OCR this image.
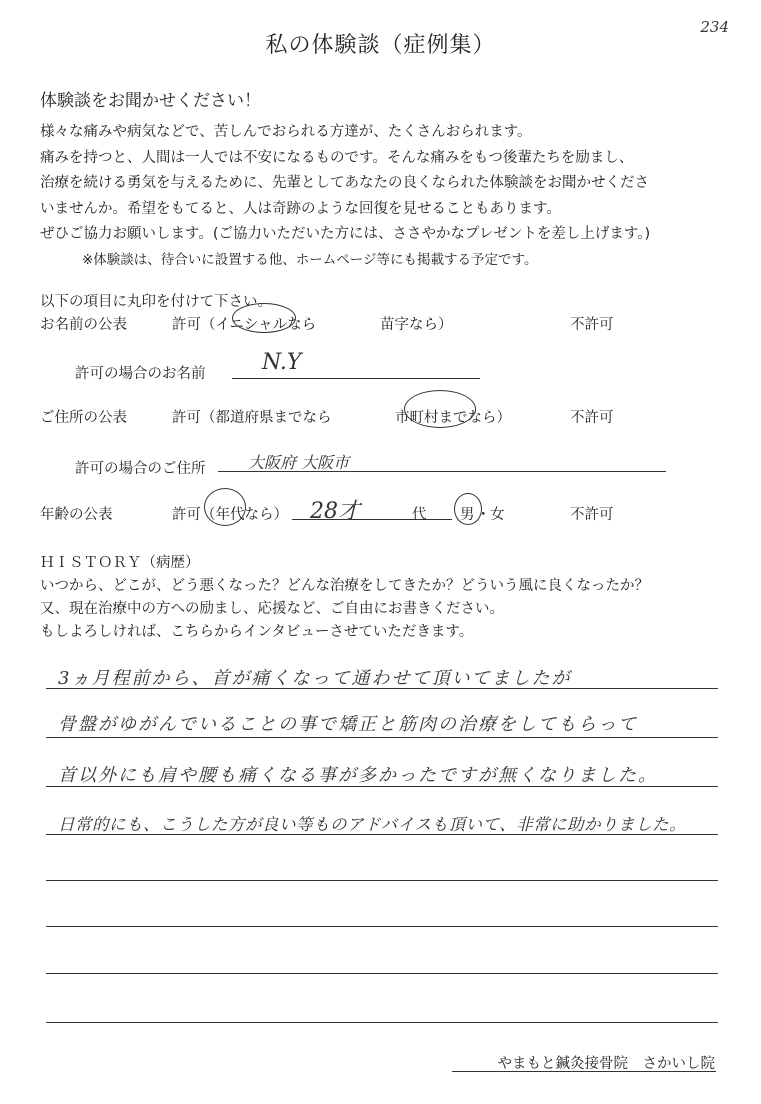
234
私の体験談（症例集）
体験談をお聞かせください！

様々な痛みや病気などで、苦しんでおられる方達が、たくさんおられます。

痛みを持つと、人間は一人では不安になるものです。そんな痛みをもつ後輩たちを励まし、

治療を続ける勇気を与えるために、先輩としてあなたの良くなられた体験談をお聞かせくださ

いませんか。希望をもてると、人は奇跡のような回復を見せることもあります。

ぜひご協力お願いします。(ご協力いただいた方には、ささやかなプレゼントを差し上げます。)

※体験談は、待合いに設置する他、ホームページ等にも掲載する予定です。

以下の項目に丸印を付けて下さい。
お名前の公表	許可（イニシャルなら	苗字なら）	不許可
許可の場合のお名前	N.Y
ご住所の公表	許可（都道府県までなら	市町村までなら）	不許可
許可の場合のご住所	大阪府 大阪市
年齢の公表	許可（年代なら） 28才	代 男 ・ 女	不許可

ＨＩＳＴＯＲＹ（病歴）

いつから、どこが、どう悪くなった？どんな治療をしてきたか？どういう風に良くなったか？

又、現在治療中の方への励まし、応援など、ご自由にお書きください。

もしよろしければ、こちらからインタビューさせていただきます。

3ヵ月程前から、首が痛くなって通わせて頂いてましたが
骨盤がゆがんでいることの事で矯正と筋肉の治療をしてもらって
首以外にも肩や腰も痛くなる事が多かったですが無くなりました。
日常的にも、こうした方が良い等ものアドバイスも頂いて、非常に助かりました。
やまもと鍼灸接骨院　さかいし院
